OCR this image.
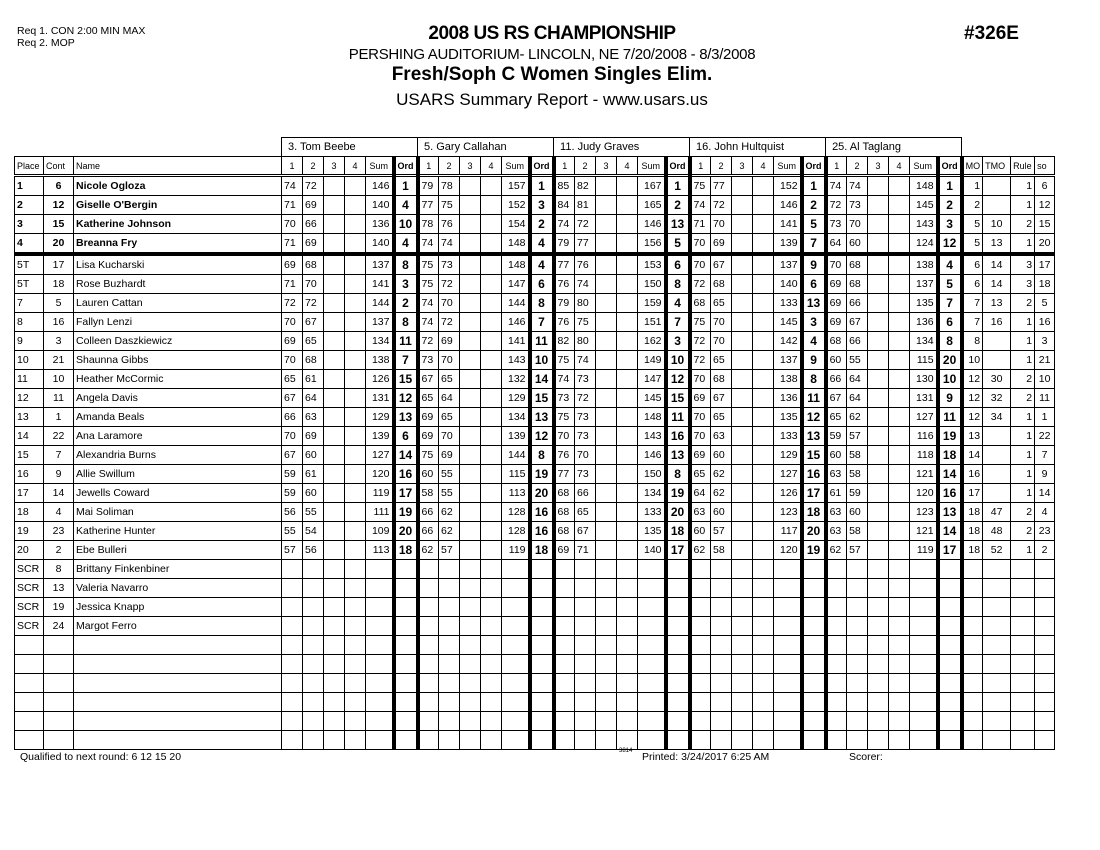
Req 1. CON 2:00 MIN MAX
Req 2. MOP	2008 US RS CHAMPIONSHIP
PERSHING AUDITORIUM- LINCOLN, NE 7/20/2008 - 8/3/2008
Fresh/Soph C Women Singles Elim.
USARS Summary Report - www.usars.us
#326E
			3. Tom Beebe						5. Gary Callahan						11. Judy Graves						16. John Hultquist						25. Al Taglang									
Place	Cont	Name	1	2	3	4	Sum	Ord	1	2	3	4	Sum	Ord	1	2	3	4	Sum	Ord	1	2	3	4	Sum	Ord	1	2	3	4	Sum	Ord	MO	TMO	Rule	so
1	6	Nicole Ogloza	74	72			146	1	79	78			157	1	85	82			167	1	75	77			152	1	74	74			148	1	1		1	6
2	12	Giselle O'Bergin	71	69			140	4	77	75			152	3	84	81			165	2	74	72			146	2	72	73			145	2	2		1	12
3	15	Katherine Johnson	70	66			136	10	78	76			154	2	74	72			146	13	71	70			141	5	73	70			143	3	5	10	2	15
4	20	Breanna Fry	71	69			140	4	74	74			148	4	79	77			156	5	70	69			139	7	64	60			124	12	5	13	1	20
5T	17	Lisa Kucharski	69	68			137	8	75	73			148	4	77	76			153	6	70	67			137	9	70	68			138	4	6	14	3	17
5T	18	Rose Buzhardt	71	70			141	3	75	72			147	6	76	74			150	8	72	68			140	6	69	68			137	5	6	14	3	18
7	5	Lauren Cattan	72	72			144	2	74	70			144	8	79	80			159	4	68	65			133	13	69	66			135	7	7	13	2	5
8	16	Fallyn Lenzi	70	67			137	8	74	72			146	7	76	75			151	7	75	70			145	3	69	67			136	6	7	16	1	16
9	3	Colleen Daszkiewicz	69	65			134	11	72	69			141	11	82	80			162	3	72	70			142	4	68	66			134	8	8		1	3
10	21	Shaunna Gibbs	70	68			138	7	73	70			143	10	75	74			149	10	72	65			137	9	60	55			115	20	10		1	21
11	10	Heather McCormic	65	61			126	15	67	65			132	14	74	73			147	12	70	68			138	8	66	64			130	10	12	30	2	10
12	11	Angela Davis	67	64			131	12	65	64			129	15	73	72			145	15	69	67			136	11	67	64			131	9	12	32	2	11
13	1	Amanda Beals	66	63			129	13	69	65			134	13	75	73			148	11	70	65			135	12	65	62			127	11	12	34	1	1
14	22	Ana Laramore	70	69			139	6	69	70			139	12	70	73			143	16	70	63			133	13	59	57			116	19	13		1	22
15	7	Alexandria Burns	67	60			127	14	75	69			144	8	76	70			146	13	69	60			129	15	60	58			118	18	14		1	7
16	9	Allie Swillum	59	61			120	16	60	55			115	19	77	73			150	8	65	62			127	16	63	58			121	14	16		1	9
17	14	Jewells Coward	59	60			119	17	58	55			113	20	68	66			134	19	64	62			126	17	61	59			120	16	17		1	14
18	4	Mai Soliman	56	55			111	19	66	62			128	16	68	65			133	20	63	60			123	18	63	60			123	13	18	47	2	4
19	23	Katherine Hunter	55	54			109	20	66	62			128	16	68	67			135	18	60	57			117	20	63	58			121	14	18	48	2	23
20	2	Ebe Bulleri	57	56			113	18	62	57			119	18	69	71			140	17	62	58			120	19	62	57			119	17	18	52	1	2
SCR	8	Brittany Finkenbiner																																		
SCR	13	Valeria Navarro																																		
SCR	19	Jessica Knapp																																		
SCR	24	Margot Ferro																																		

Qualified to next round: 6 12 15 20	3814 Printed: 3/24/2017 6:25 AM	Scorer:
